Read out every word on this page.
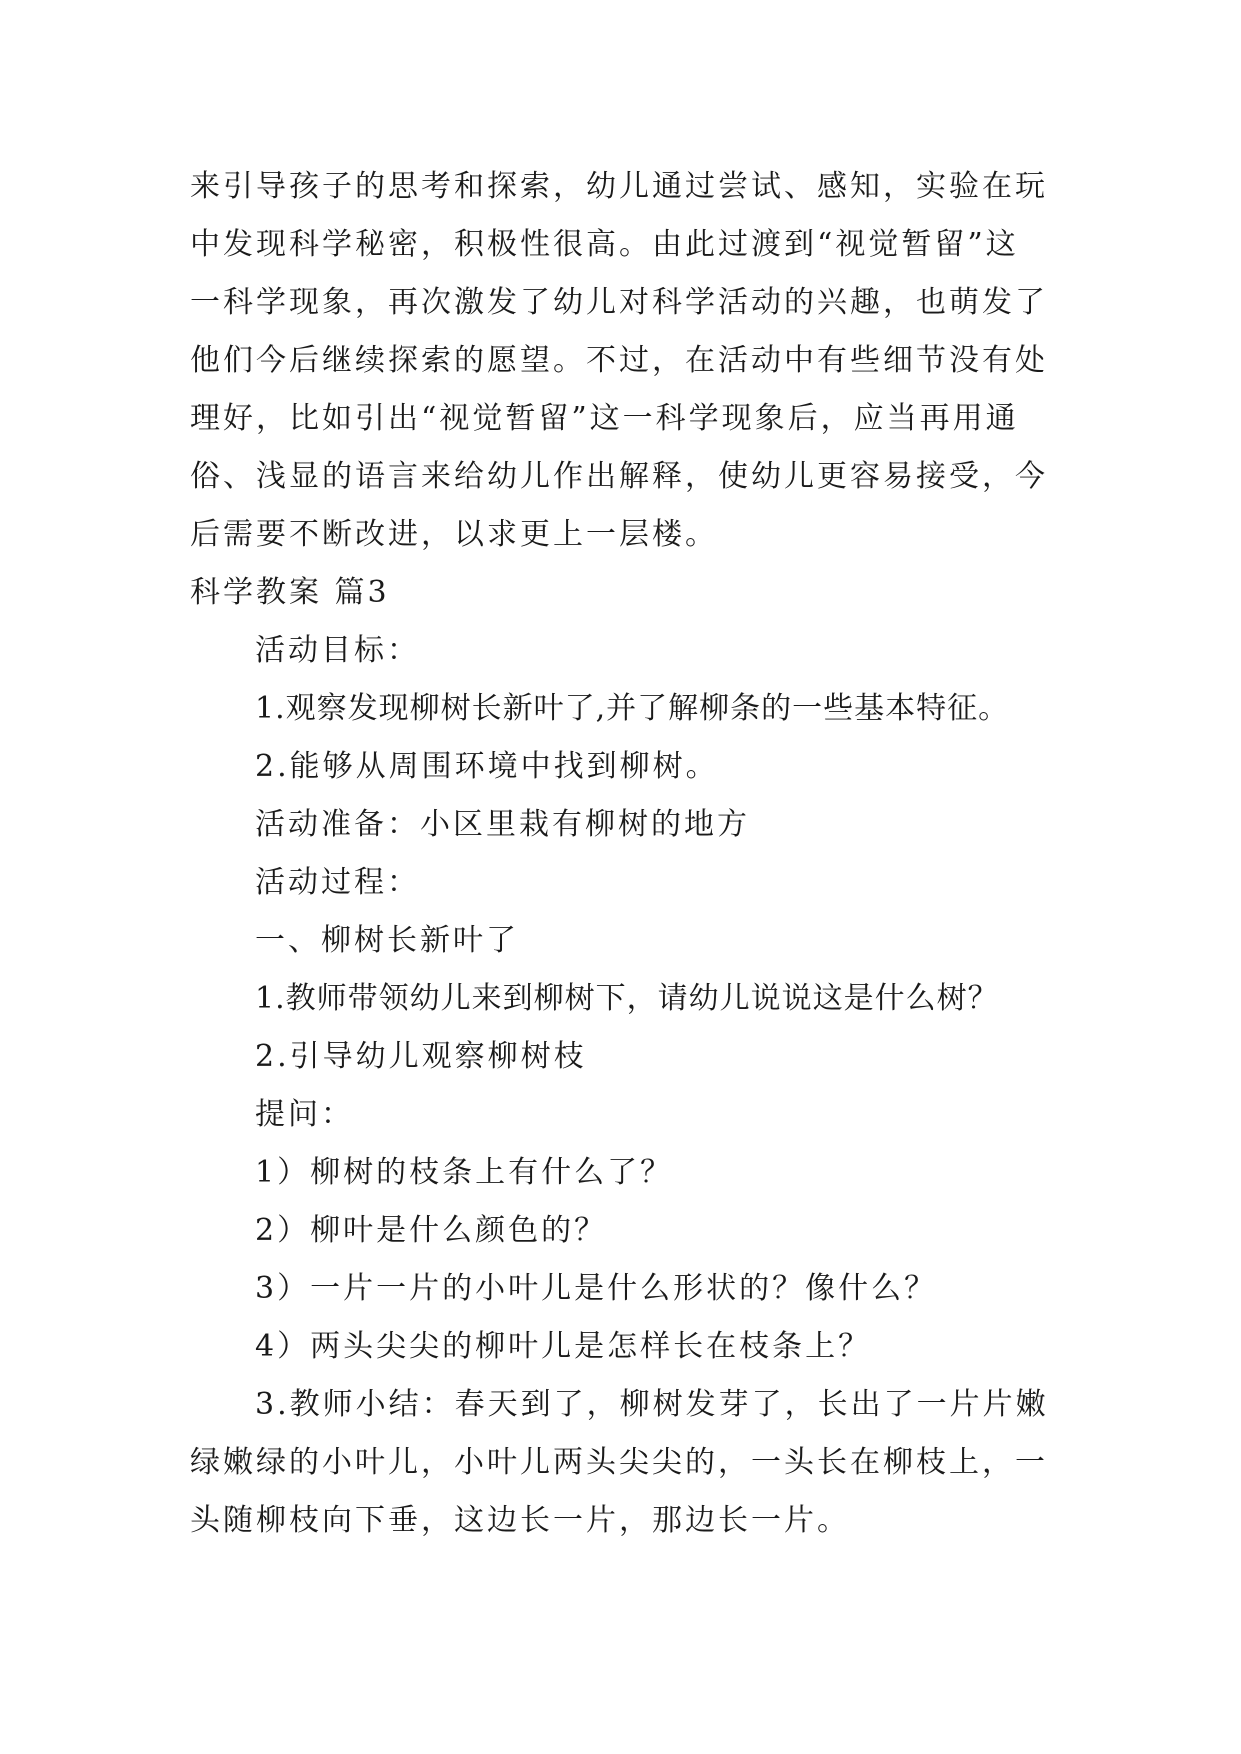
来引导孩子的思考和探索，幼儿通过尝试、感知，实验在玩
中发现科学秘密，积极性很高。由此过渡到“视觉暂留”这
一科学现象，再次激发了幼儿对科学活动的兴趣，也萌发了
他们今后继续探索的愿望。不过，在活动中有些细节没有处
理好，比如引出“视觉暂留”这一科学现象后，应当再用通
俗、浅显的语言来给幼儿作出解释，使幼儿更容易接受，今
后需要不断改进，以求更上一层楼。
科学教案 篇3
活动目标：
1.观察发现柳树长新叶了,并了解柳条的一些基本特征。
2.能够从周围环境中找到柳树。
活动准备：小区里栽有柳树的地方
活动过程：
一、柳树长新叶了
1.教师带领幼儿来到柳树下，请幼儿说说这是什么树？
2.引导幼儿观察柳树枝
提问：
1）柳树的枝条上有什么了？
2）柳叶是什么颜色的？
3）一片一片的小叶儿是什么形状的？像什么？
4）两头尖尖的柳叶儿是怎样长在枝条上？
3.教师小结：春天到了，柳树发芽了，长出了一片片嫩
绿嫩绿的小叶儿，小叶儿两头尖尖的，一头长在柳枝上，一
头随柳枝向下垂，这边长一片，那边长一片。
